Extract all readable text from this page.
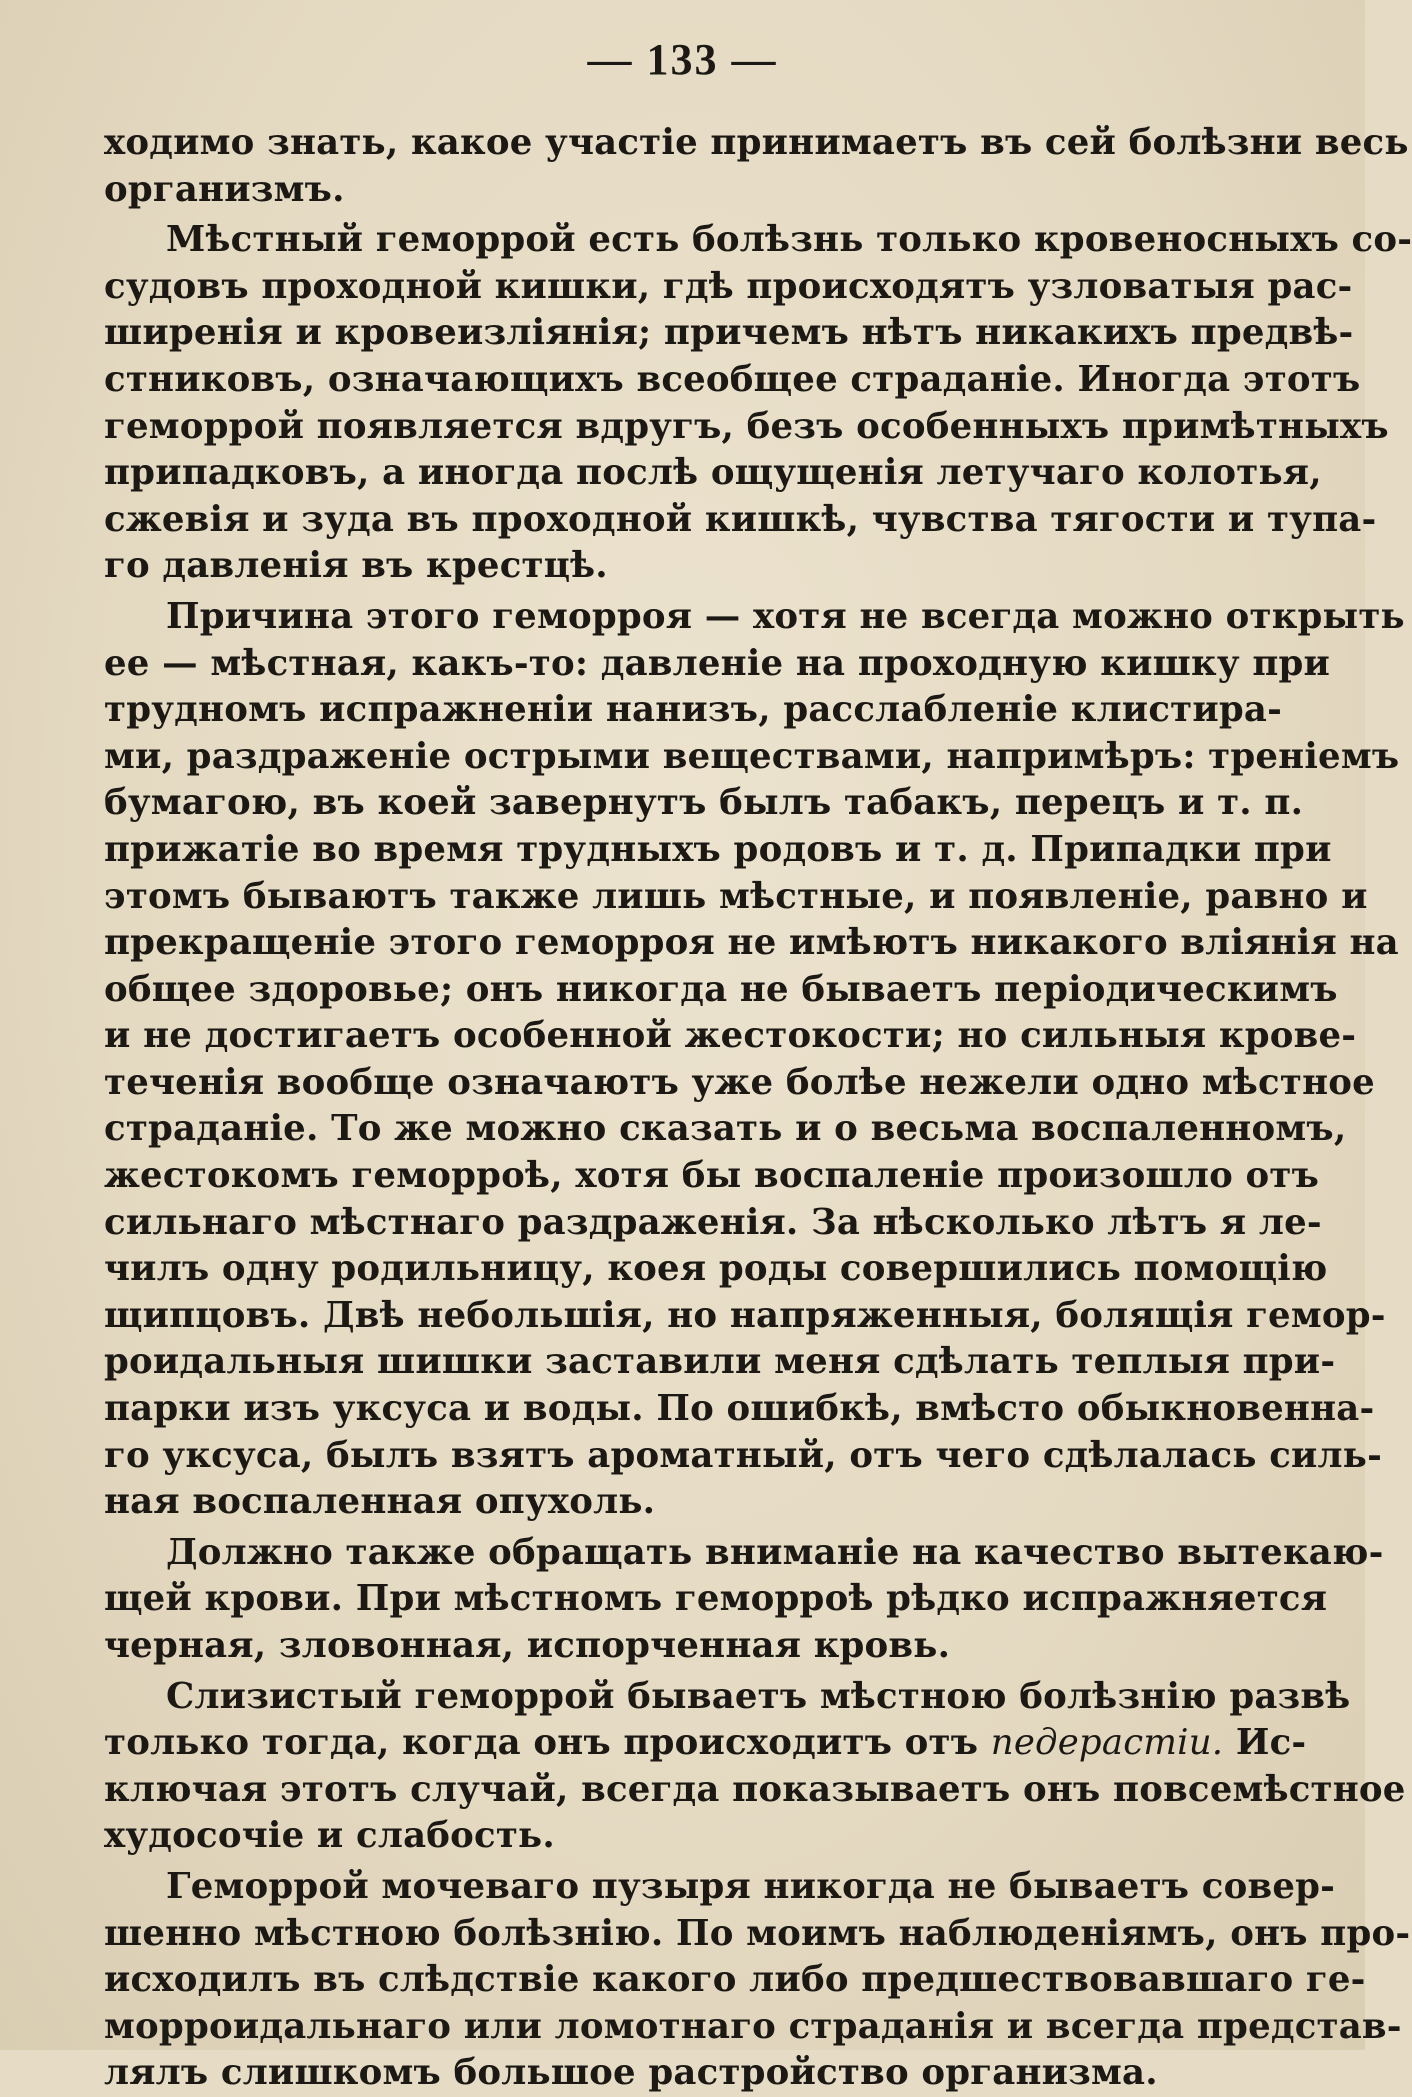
— 133 —
ходимо знать, какое участіе принимаетъ въ сей болѣзни весь
организмъ.
Мѣстный геморрой есть болѣзнь только кровеносныхъ со-
судовъ проходной кишки, гдѣ происходятъ узловатыя рас-
ширенія и кровеизлiянія; причемъ нѣтъ никакихъ предвѣ-
стниковъ, означающихъ всеобщее страданіе. Иногда этотъ
геморрой появляется вдругъ, безъ особенныхъ примѣтныхъ
припадковъ, а иногда послѣ ощущенія летучаго колотья,
сжевія и зуда въ проходной кишкѣ, чувства тягости и тупа-
го давленія въ крестцѣ.
Причина этого геморроя — хотя не всегда можно открыть
ее — мѣстная, какъ-то: давленіе на проходную кишку при
трудномъ испражненіи нанизъ, расслабленіе клистира-
ми, раздраженіе острыми веществами, напримѣръ: треніемъ
бумагою, въ коей завернутъ былъ табакъ, перецъ и т. п.
прижатіе во время трудныхъ родовъ и т. д. Припадки при
этомъ бываютъ также лишь мѣстные, и появленіе, равно и
прекращеніе этого геморроя не имѣютъ никакого вліянія на
общее здоровье; онъ никогда не бываетъ періодическимъ
и не достигаетъ особенной жестокости; но сильныя крове-
теченія вообще означаютъ уже болѣе нежели одно мѣстное
страданіе. То же можно сказать и о весьма воспаленномъ,
жестокомъ геморроѣ, хотя бы воспаленіе произошло отъ
сильнаго мѣстнаго раздраженія. За нѣсколько лѣтъ я ле-
чилъ одну родильницу, коея роды совершились помощію
щипцовъ. Двѣ небольшія, но напряженныя, болящія гемор-
роидальныя шишки заставили меня сдѣлать теплыя при-
парки изъ уксуса и воды. По ошибкѣ, вмѣсто обыкновенна-
го уксуса, былъ взятъ ароматный, отъ чего сдѣлалась силь-
ная воспаленная опухоль.
Должно также обращать вниманіе на качество вытекаю-
щей крови. При мѣстномъ геморроѣ рѣдко испражняется
черная, зловонная, испорченная кровь.
Слизистый геморрой бываетъ мѣстною болѣзнію развѣ
только тогда, когда онъ происходитъ отъ педерастіи. Ис-
ключая этотъ случай, всегда показываетъ онъ повсемѣстное
худосочіе и слабость.
Геморрой мочеваго пузыря никогда не бываетъ совер-
шенно мѣстною болѣзнію. По моимъ наблюденіямъ, онъ про-
исходилъ въ слѣдствіе какого либо предшествовавшаго ге-
морроидальнаго или ломотнаго страданія и всегда представ-
лялъ слишкомъ большое растройство организма.
